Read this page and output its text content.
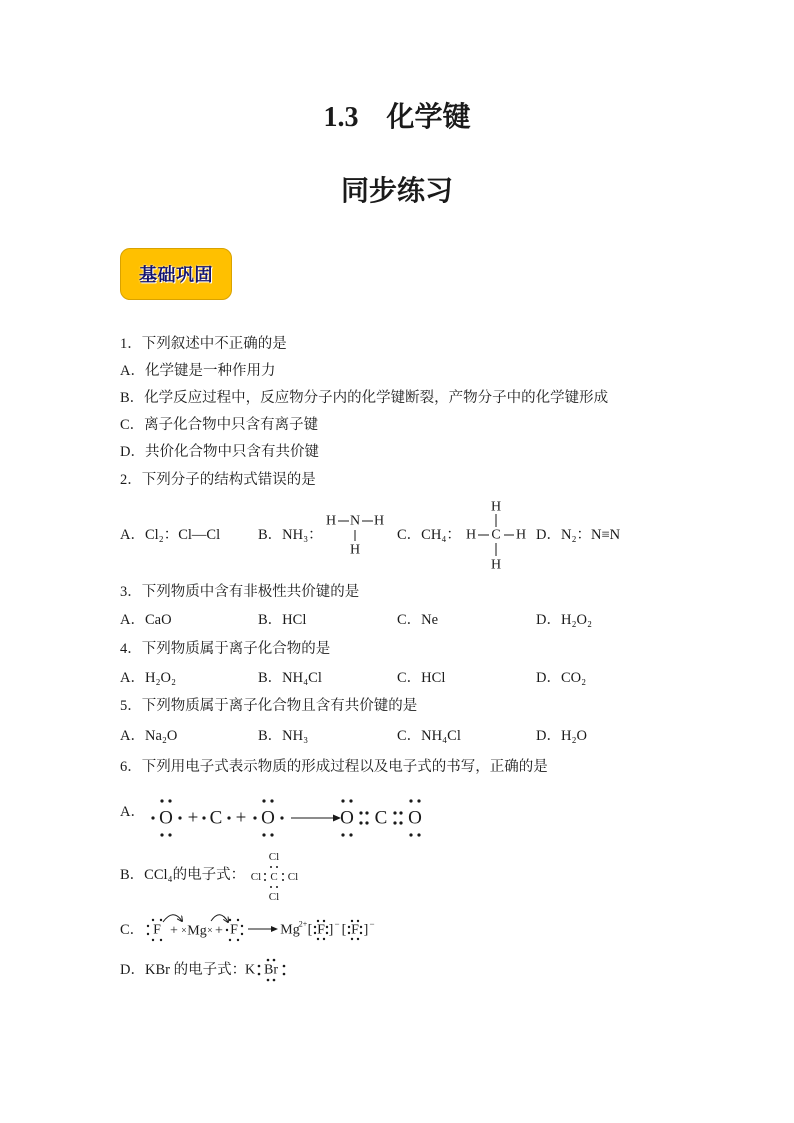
1.3　化学键
同步练习
基础巩固
1．下列叙述中不正确的是
A．化学键是一种作用力
B．化学反应过程中，反应物分子内的化学键断裂，产物分子中的化学键形成
C．离子化合物中只含有离子键
D．共价化合物中只含有共价键
2．下列分子的结构式错误的是
A．Cl₂：Cl—Cl	B．NH₃：	C．CH₄：	D．N₂：N≡N
3．下列物质中含有非极性共价键的是
A．CaO	B．HCl	C．Ne	D．H₂O₂
4．下列物质属于离子化合物的是
A．H₂O₂	B．NH₄Cl	C．HCl	D．CO₂
5．下列物质属于离子化合物且含有共价键的是
A．Na₂O	B．NH₃	C．NH₄Cl	D．H₂O
6．下列用电子式表示物质的形成过程以及电子式的书写，正确的是
A．
B．CCl₄的电子式：
C．
D．KBr 的电子式：
H N H
H
H
H C H
H
O + C + O	O C O
Cl
Cl C Cl
Cl
F + × Mg × + F	Mg 2+ [ F ] − [ F ] −
K Br
